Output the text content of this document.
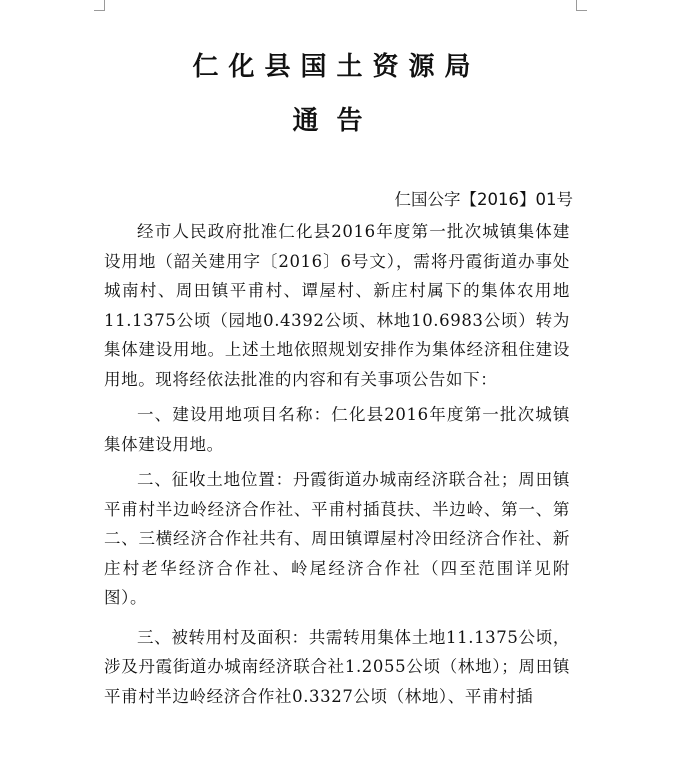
仁化县国土资源局
通告
仁国公字【2016】01号

经市人民政府批准仁化县2016年度第一批次城镇集体建设用地（韶关建用字〔2016〕6号文），需将丹霞街道办事处城南村、周田镇平甫村、谭屋村、新庄村属下的集体农用地11.1375公顷（园地0.4392公顷、林地10.6983公顷）转为集体建设用地。上述土地依照规划安排作为集体经济租住建设用地。现将经依法批准的内容和有关事项公告如下：

一、建设用地项目名称：仁化县2016年度第一批次城镇集体建设用地。

二、征收土地位置：丹霞街道办城南经济联合社；周田镇平甫村半边岭经济合作社、平甫村插茛扶、半边岭、第一、第二、三横经济合作社共有、周田镇谭屋村冷田经济合作社、新庄村老华经济合作社、岭尾经济合作社（四至范围详见附图）。

三、被转用村及面积：共需转用集体土地11.1375公顷，涉及丹霞街道办城南经济联合社1.2055公顷（林地）；周田镇平甫村半边岭经济合作社0.3327公顷（林地）、平甫村插
